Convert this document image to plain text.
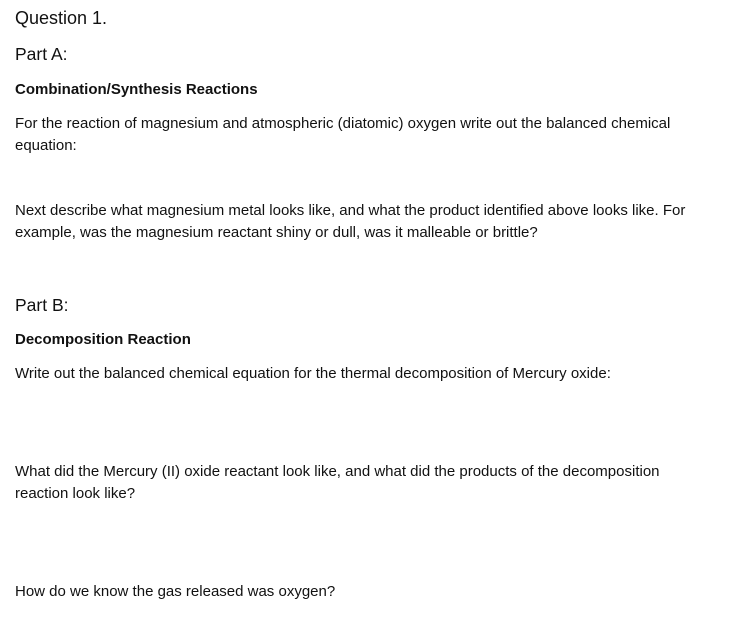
Question 1.

Part A:

Combination/Synthesis Reactions

For the reaction of magnesium and atmospheric (diatomic) oxygen write out the balanced chemical equation:

Next describe what magnesium metal looks like, and what the product identified above looks like. For example, was the magnesium reactant shiny or dull, was it malleable or brittle?

Part B:

Decomposition Reaction

Write out the balanced chemical equation for the thermal decomposition of Mercury oxide:

What did the Mercury (II) oxide reactant look like, and what did the products of the decomposition reaction look like?

How do we know the gas released was oxygen?
